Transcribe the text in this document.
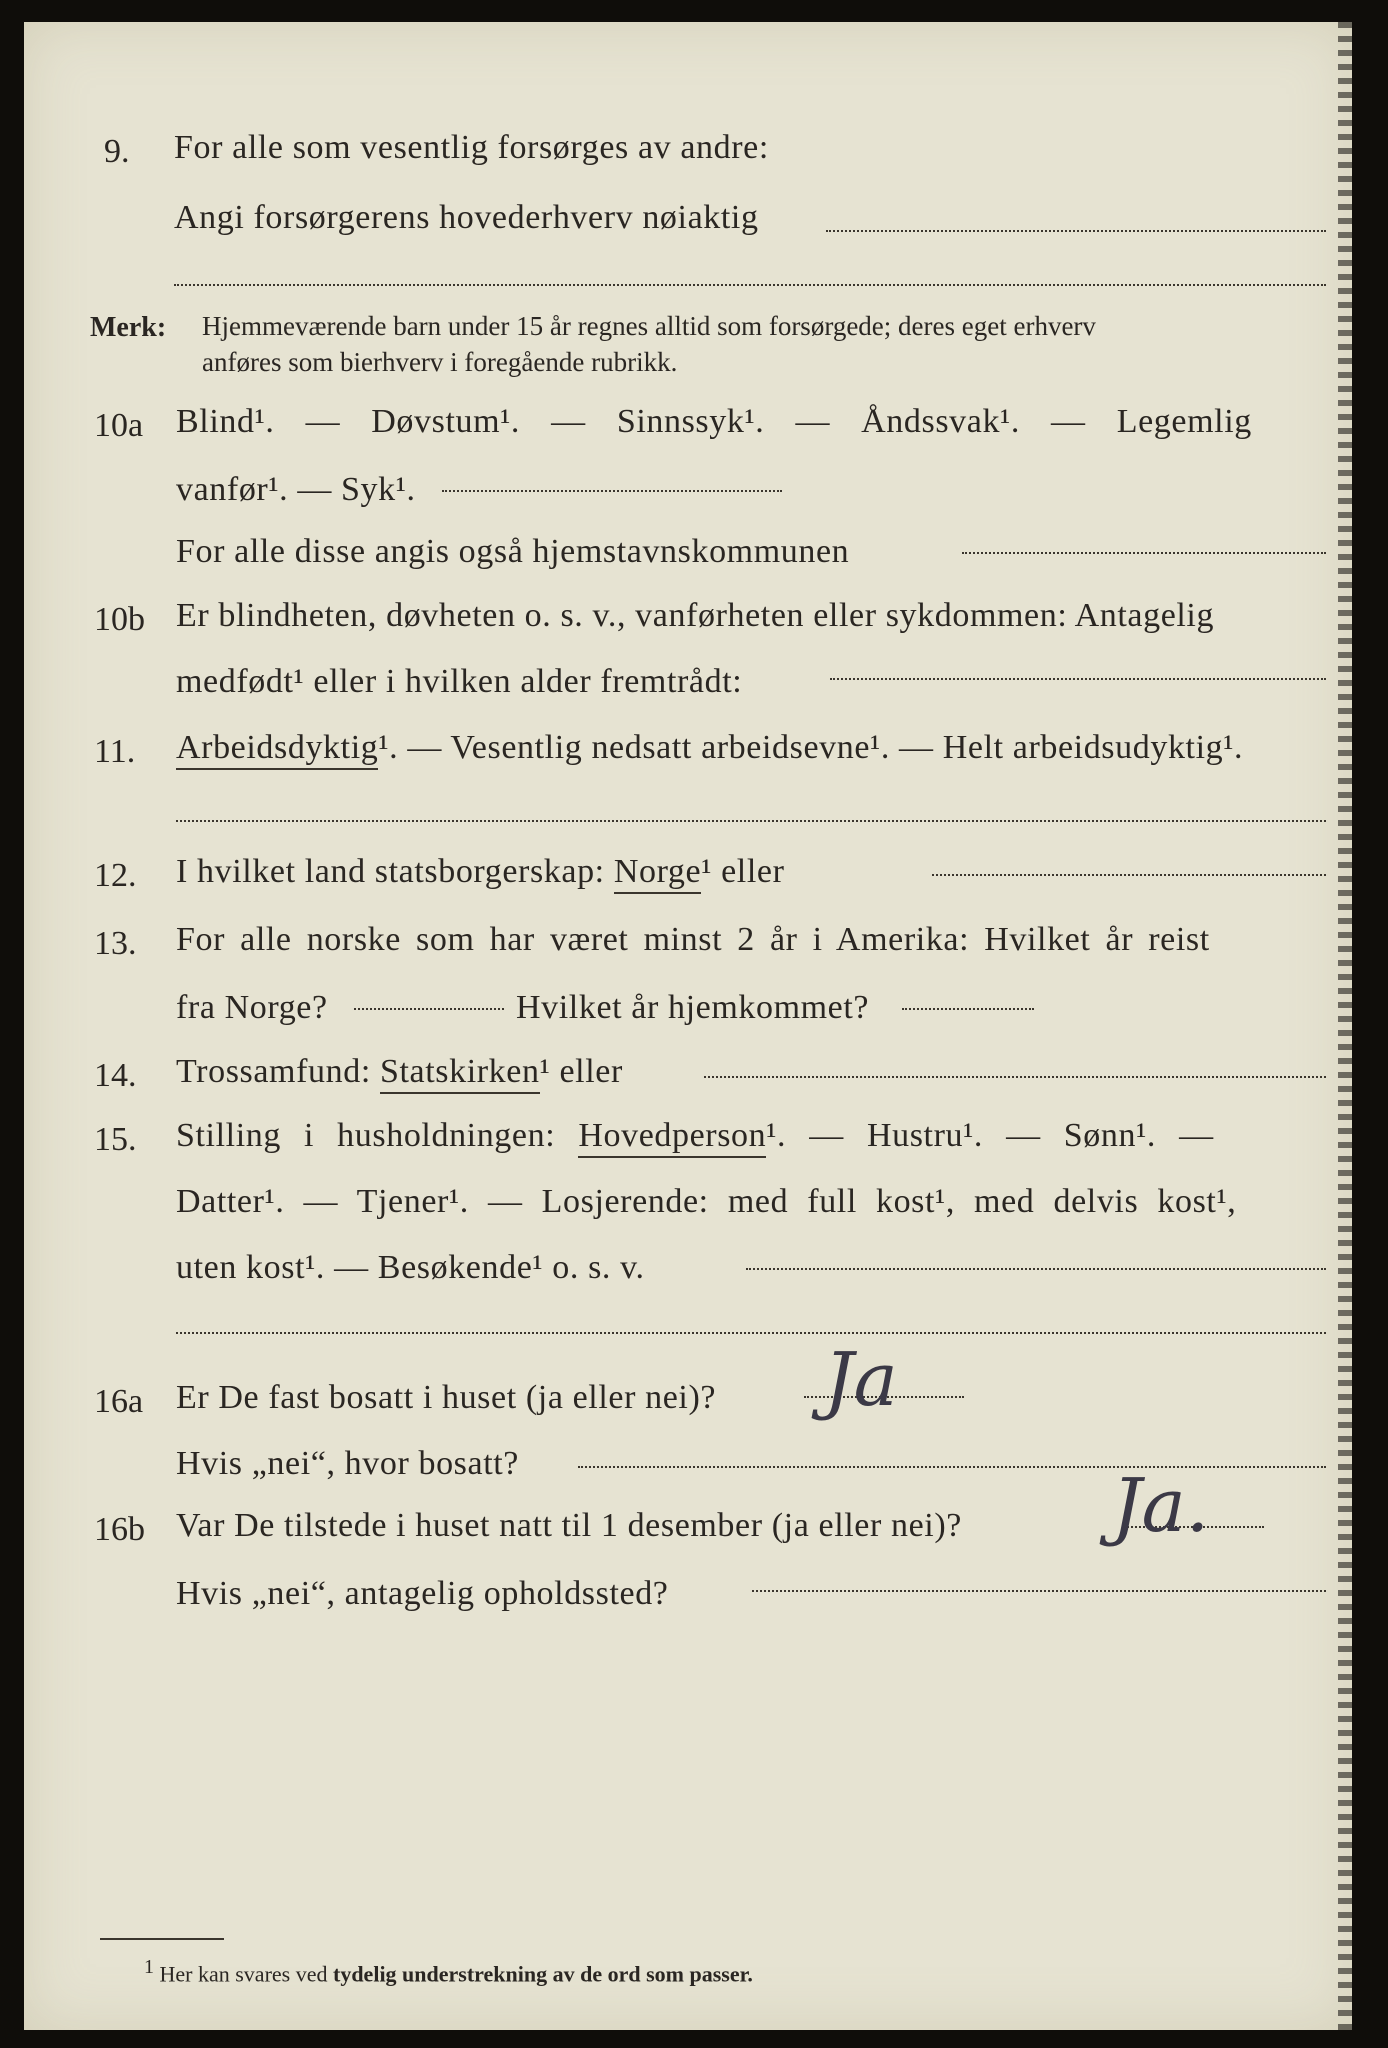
9. For alle som vesentlig forsørges av andre:
Angi forsørgerens hovederhverv nøiaktig
Merk: Hjemmeværende barn under 15 år regnes alltid som forsørgede; deres eget erhverv
anføres som bierhverv i foregående rubrikk.
10a Blind¹. — Døvstum¹. — Sinnssyk¹. — Åndssvak¹. — Legemlig
vanfør¹. — Syk¹.
For alle disse angis også hjemstavnskommunen
10b Er blindheten, døvheten o. s. v., vanførheten eller sykdommen: Antagelig
medfødt¹ eller i hvilken alder fremtrådt:
11. Arbeidsdyktig¹. — Vesentlig nedsatt arbeidsevne¹. — Helt arbeidsudyktig¹.
12. I hvilket land statsborgerskap: Norge¹ eller
13. For alle norske som har været minst 2 år i Amerika: Hvilket år reist
fra Norge?	Hvilket år hjemkommet?
14. Trossamfund: Statskirken¹ eller
15. Stilling i husholdningen: Hovedperson¹. — Hustru¹. — Sønn¹. —
Datter¹. — Tjener¹. — Losjerende: med full kost¹, med delvis kost¹,
uten kost¹. — Besøkende¹ o. s. v.
16a Er De fast bosatt i huset (ja eller nei)? Ja
Hvis „nei“, hvor bosatt?
16b Var De tilstede i huset natt til 1 desember (ja eller nei)? Ja.
Hvis „nei“, antagelig opholdssted?
$^1$ Her kan svares ved tydelig understrekning av de ord som passer.
